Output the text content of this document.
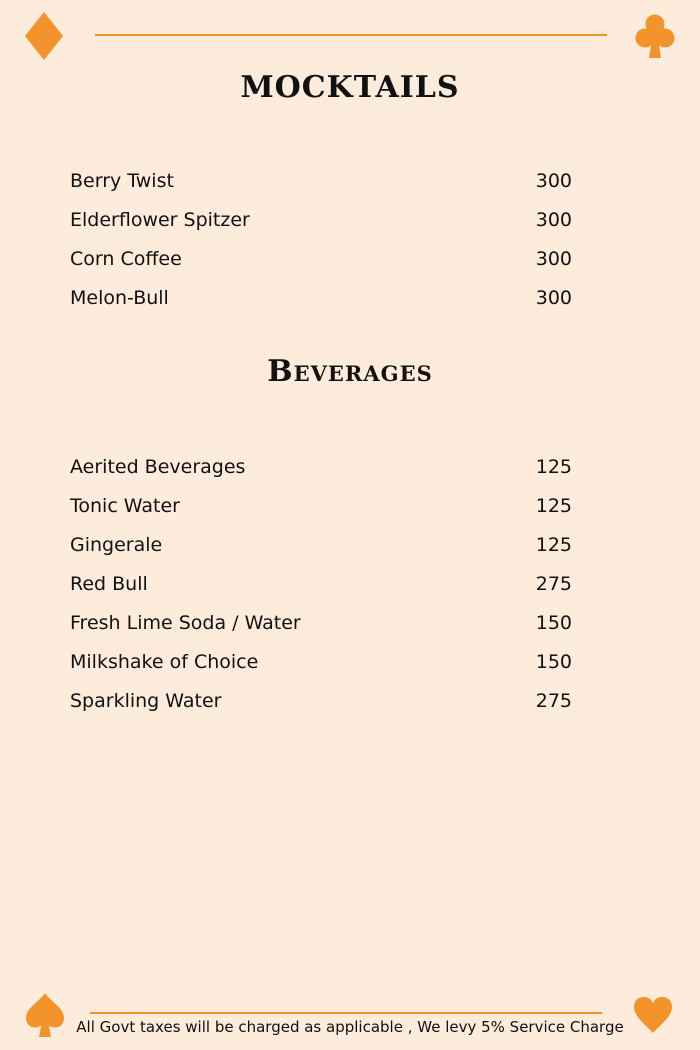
MOCKTAILS
Berry Twist	300
Elderflower Spitzer	300
Corn Coffee	300
Melon-Bull	300
Beverages
Aerited Beverages	125
Tonic Water	125
Gingerale	125
Red Bull	275
Fresh Lime Soda / Water	150
Milkshake of Choice	150
Sparkling Water	275
All Govt taxes will be charged as applicable , We levy 5% Service Charge
